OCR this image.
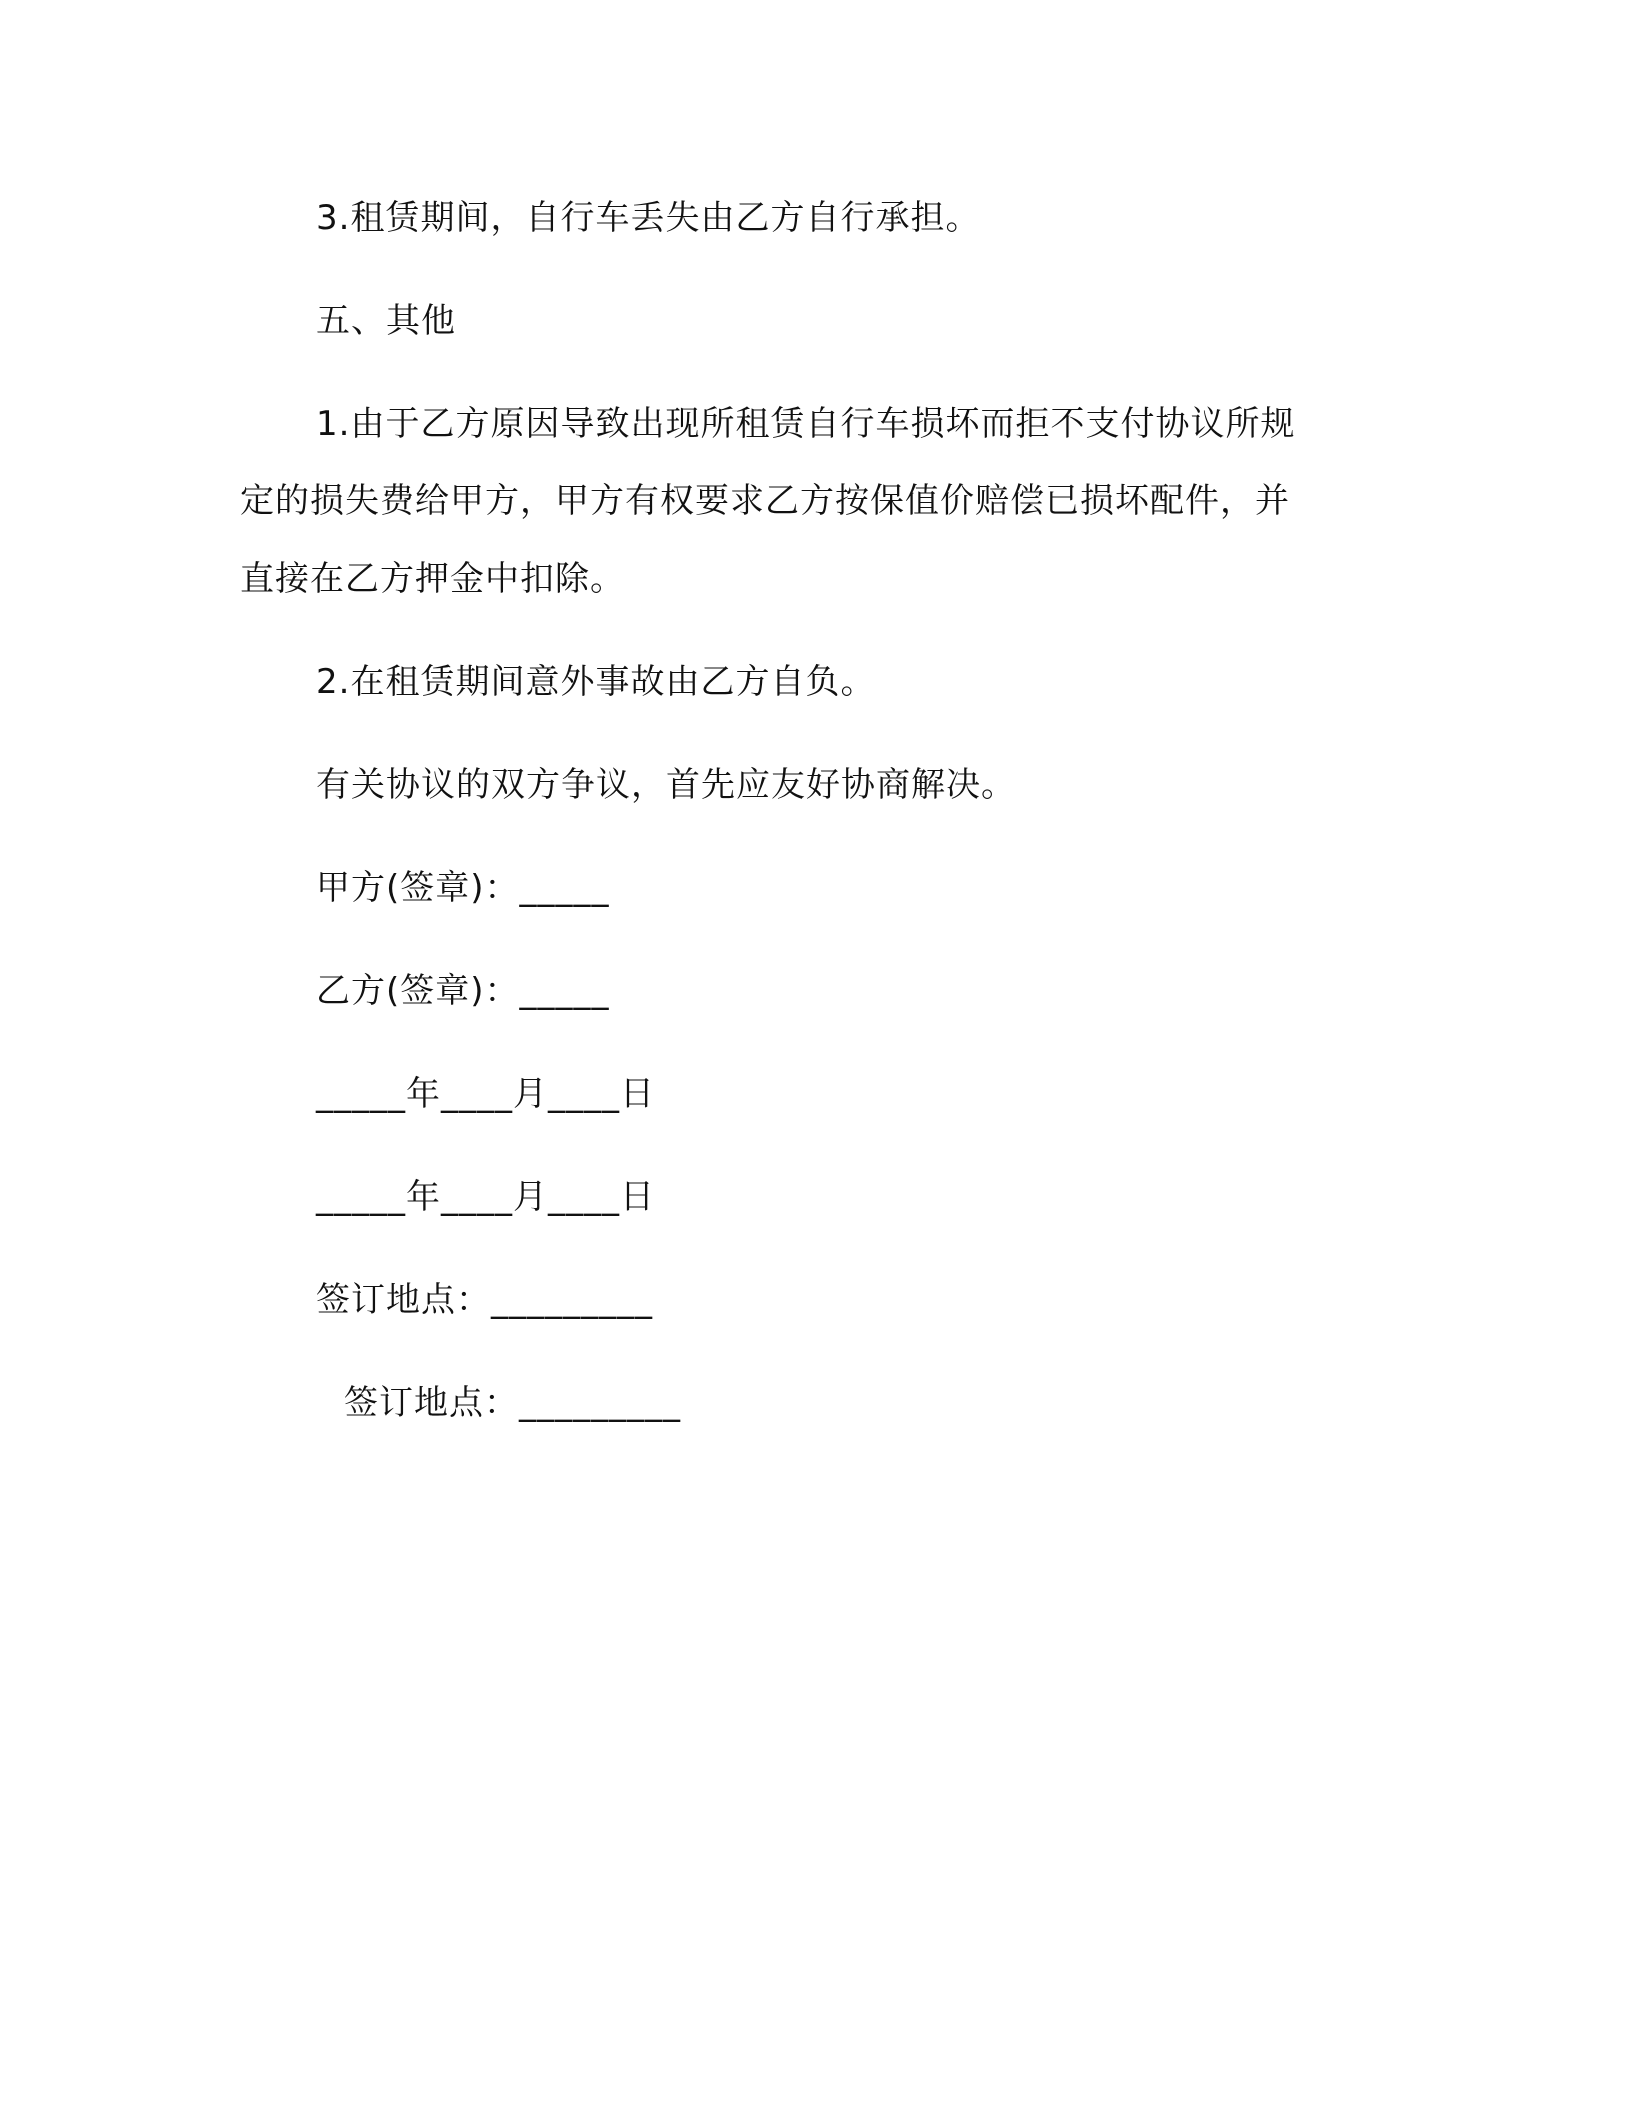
3.租赁期间，自行车丢失由乙方自行承担。
五、其他
1.由于乙方原因导致出现所租赁自行车损坏而拒不支付协议所规
定的损失费给甲方，甲方有权要求乙方按保值价赔偿已损坏配件，并
直接在乙方押金中扣除。
2.在租赁期间意外事故由乙方自负。
有关协议的双方争议，首先应友好协商解决。
甲方(签章)：_____
乙方(签章)：_____
_____年____月____日
_____年____月____日
签订地点：_________
签订地点：_________
